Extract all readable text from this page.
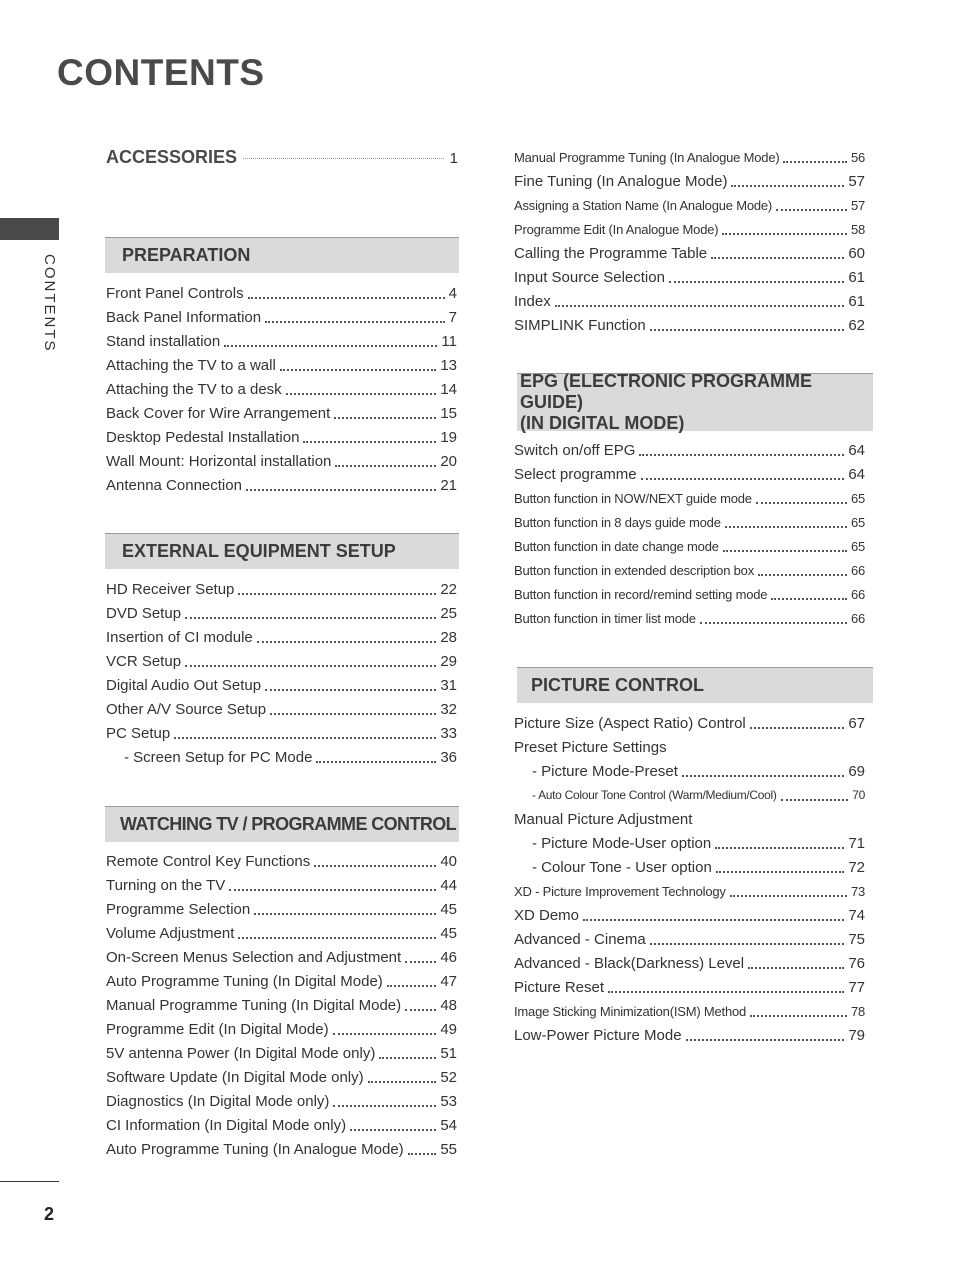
CONTENTS
CONTENTS
2
ACCESSORIES	1
PREPARATION
Front Panel Controls	4
Back Panel Information	7
Stand installation	11
Attaching the TV to a wall	13
Attaching the TV to a desk	14
Back Cover for Wire Arrangement	15
Desktop Pedestal Installation	19
Wall Mount: Horizontal installation	20
Antenna Connection	21
EXTERNAL EQUIPMENT SETUP
HD Receiver Setup	22
DVD Setup	25
Insertion of CI module	28
VCR Setup	29
Digital Audio Out Setup	31
Other A/V Source Setup	32
PC Setup	33
- Screen Setup for PC Mode	36
WATCHING TV / PROGRAMME CONTROL
Remote Control Key Functions	40
Turning on the TV	44
Programme Selection	45
Volume Adjustment	45
On-Screen Menus Selection and Adjustment	46
Auto Programme Tuning (In Digital Mode)	47
Manual Programme Tuning (In Digital Mode)	48
Programme Edit (In Digital Mode)	49
5V antenna Power (In Digital Mode only)	51
Software Update (In Digital Mode only)	52
Diagnostics (In Digital Mode only)	53
CI Information (In Digital Mode only)	54
Auto Programme Tuning (In Analogue Mode) 55
Manual Programme Tuning (In Analogue Mode)	56
Fine Tuning (In Analogue Mode)	57
Assigning a Station Name (In Analogue Mode)	57
Programme Edit (In Analogue Mode)	58
Calling the Programme Table	60
Input Source Selection	61
Index	61
SIMPLINK Function	62
EPG (ELECTRONIC PROGRAMME GUIDE)
(IN DIGITAL MODE)
Switch on/off EPG	64
Select programme	64
Button function in NOW/NEXT guide mode	65
Button function in 8 days guide mode	65
Button function in date change mode	65
Button function in extended description box	66
Button function in record/remind setting mode	66
Button function in timer list mode	66
PICTURE CONTROL
Picture Size (Aspect Ratio) Control	67
Preset Picture Settings
- Picture Mode-Preset	69
- Auto Colour Tone Control (Warm/Medium/Cool)	70
Manual Picture Adjustment
- Picture Mode-User option	71
- Colour Tone - User option	72
XD - Picture Improvement Technology	73
XD Demo	74
Advanced - Cinema	75
Advanced - Black(Darkness) Level	76
Picture Reset	77
Image Sticking Minimization(ISM) Method	78
Low-Power Picture Mode	79
